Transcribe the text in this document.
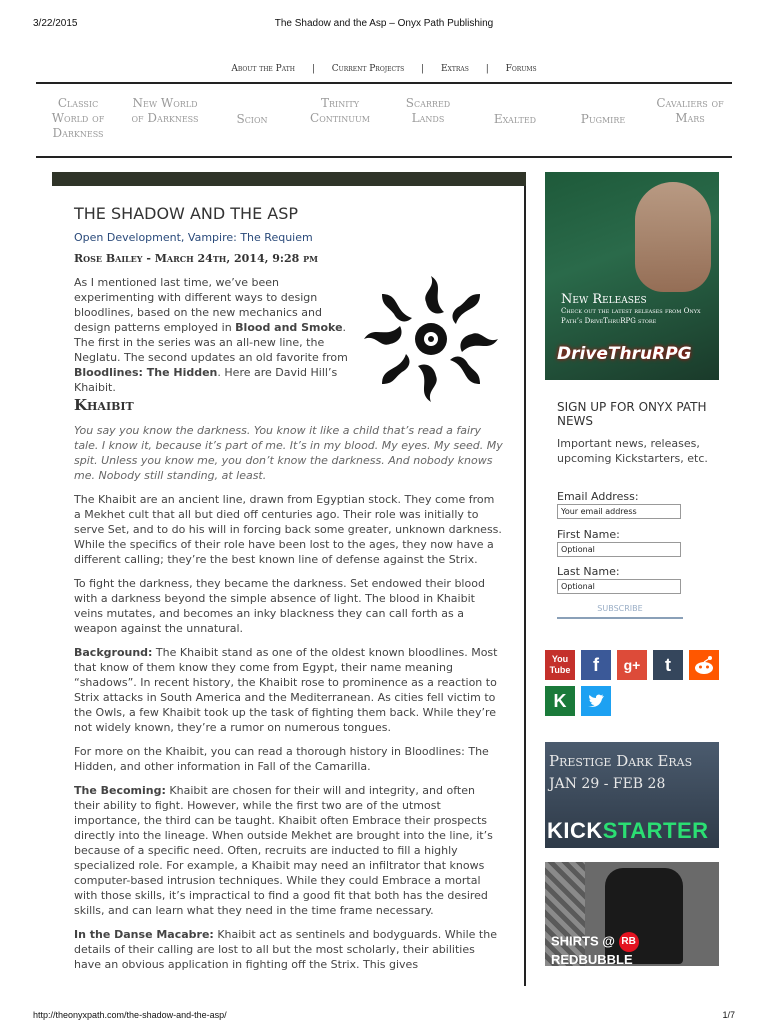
3/22/2015	The Shadow and the Asp – Onyx Path Publishing
About the Path | Current Projects | Extras | Forums
Classic World of Darkness
New World of Darkness	Scion
Trinity Continuum
Scarred Lands	Exalted	Pugmire
Cavaliers of Mars
THE SHADOW AND THE ASP
Open Development, Vampire: The Requiem
Rose Bailey - March 24th, 2014, 9:28 pm
As I mentioned last time, we’ve been experimenting with different ways to design bloodlines, based on the new mechanics and design patterns employed in Blood and Smoke. The first in the series was an all-new line, the Neglatu. The second updates an old favorite from Bloodlines: The Hidden. Here are David Hill’s Khaibit.
Khaibit

You say you know the darkness. You know it like a child that’s read a fairy tale. I know it, because it’s part of me. It’s in my blood. My eyes. My seed. My spit. Unless you know me, you don’t know the darkness. And nobody knows me. Nobody still standing, at least.

The Khaibit are an ancient line, drawn from Egyptian stock. They come from a Mekhet cult that all but died off centuries ago. Their role was initially to serve Set, and to do his will in forcing back some greater, unknown darkness. While the specifics of their role have been lost to the ages, they now have a different calling; they’re the best known line of defense against the Strix.

To fight the darkness, they became the darkness. Set endowed their blood with a darkness beyond the simple absence of light. The blood in Khaibit veins mutates, and becomes an inky blackness they can call forth as a weapon against the unnatural.

Background: The Khaibit stand as one of the oldest known bloodlines. Most that know of them know they come from Egypt, their name meaning “shadows”. In recent history, the Khaibit rose to prominence as a reaction to Strix attacks in South America and the Mediterranean. As cities fell victim to the Owls, a few Khaibit took up the task of fighting them back. While they’re not widely known, they’re a rumor on numerous tongues.

For more on the Khaibit, you can read a thorough history in Bloodlines: The Hidden, and other information in Fall of the Camarilla.

The Becoming: Khaibit are chosen for their will and integrity, and often their ability to fight. However, while the first two are of the utmost importance, the third can be taught. Khaibit often Embrace their prospects directly into the lineage. When outside Mekhet are brought into the line, it’s because of a specific need. Often, recruits are inducted to fill a highly specialized role. For example, a Khaibit may need an infiltrator that knows computer-based intrusion techniques. While they could Embrace a mortal with those skills, it’s impractical to find a good fit that both has the desired skills, and can learn what they need in the time frame necessary.

In the Danse Macabre: Khaibit act as sentinels and bodyguards. While the details of their calling are lost to all but the most scholarly, their abilities have an obvious application in fighting off the Strix. This gives

New Releases
Check out the latest releases from Onyx Path’s DriveThruRPG store
DriveThruRPG
SIGN UP FOR ONYX PATH NEWS
Important news, releases, upcoming Kickstarters, etc.
Email Address:
Your email address
First Name:
Optional
Last Name:
Optional
SUBSCRIBE
You Tube	f	g+	t
K
Prestige Dark Eras
JAN 29 - FEB 28
KICKSTARTER
SHIRTS @ RB REDBUBBLE
http://theonyxpath.com/the-shadow-and-the-asp/	1/7
